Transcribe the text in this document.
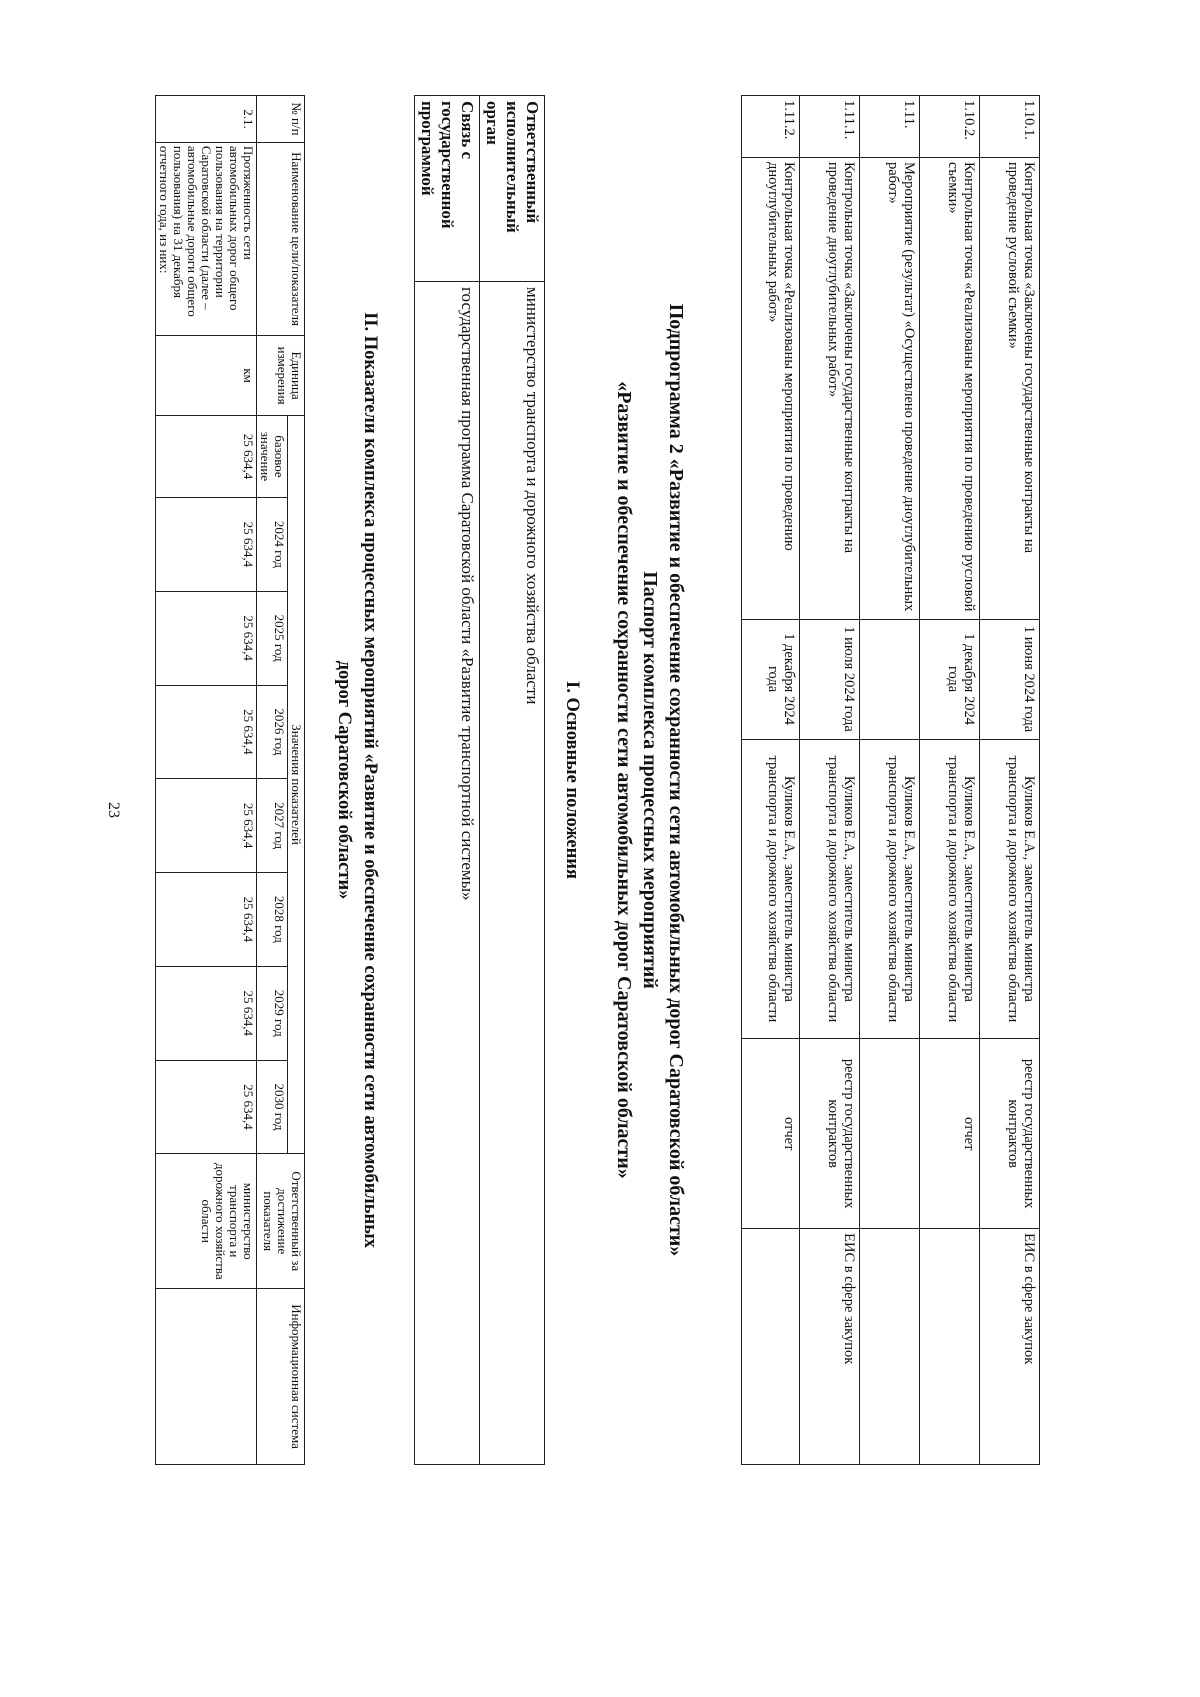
23
1.10.1.	Контрольная точка «Заключены государственные контракты на проведение русловой съемки»	1 июня 2024 года	Куликов Е.А., заместитель министра транспорта и дорожного хозяйства области	реестр государственных контрактов	ЕИС в сфере закупок
1.10.2.	Контрольная точка «Реализованы мероприятия по проведению русловой съемки»	1 декабря 2024 года	Куликов Е.А., заместитель министра транспорта и дорожного хозяйства области	отчет	
1.11.	Мероприятие (результат) «Осуществлено проведение дноуглубительных работ»		Куликов Е.А., заместитель министра транспорта и дорожного хозяйства области		
1.11.1.	Контрольная точка «Заключены государственные контракты на проведение дноуглубительных работ»	1 июля 2024 года	Куликов Е.А., заместитель министра транспорта и дорожного хозяйства области	реестр государственных контрактов	ЕИС в сфере закупок
1.11.2.	Контрольная точка «Реализованы мероприятия по проведению дноуглубительных работ»	1 декабря 2024 года	Куликов Е.А., заместитель министра транспорта и дорожного хозяйства области	отчет	
Подпрограмма 2 «Развитие и обеспечение сохранности сети автомобильных дорог Саратовской области»
Паспорт комплекса процессных мероприятий
«Развитие и обеспечение сохранности сети автомобильных дорог Саратовской области»
I. Основные положения
Ответственный исполнительный орган	министерство транспорта и дорожного хозяйства области
Связь с государственной программой	государственная программа Саратовской области «Развитие транспортной системы»
II. Показатели комплекса процессных мероприятий «Развитие и обеспечение сохранности сети автомобильных
дорог Саратовской области»
№ п/п	Наименование цели/показателя	Единица измерения	Значения показателей								Ответственный за достижение показателя	Информационная система
			базовое значение	2024 год	2025 год	2026 год	2027 год	2028 год	2029 год	2030 год		
2.1.	Протяженность сети автомобильных дорог общего пользования на территории Саратовской области (далее – автомобильные дороги общего пользования) на 31 декабря отчетного года, из них:	км	25 634,4	25 634,4	25 634,4	25 634,4	25 634,4	25 634,4	25 634,4	25 634,4	министерство транспорта и дорожного хозяйства области	
